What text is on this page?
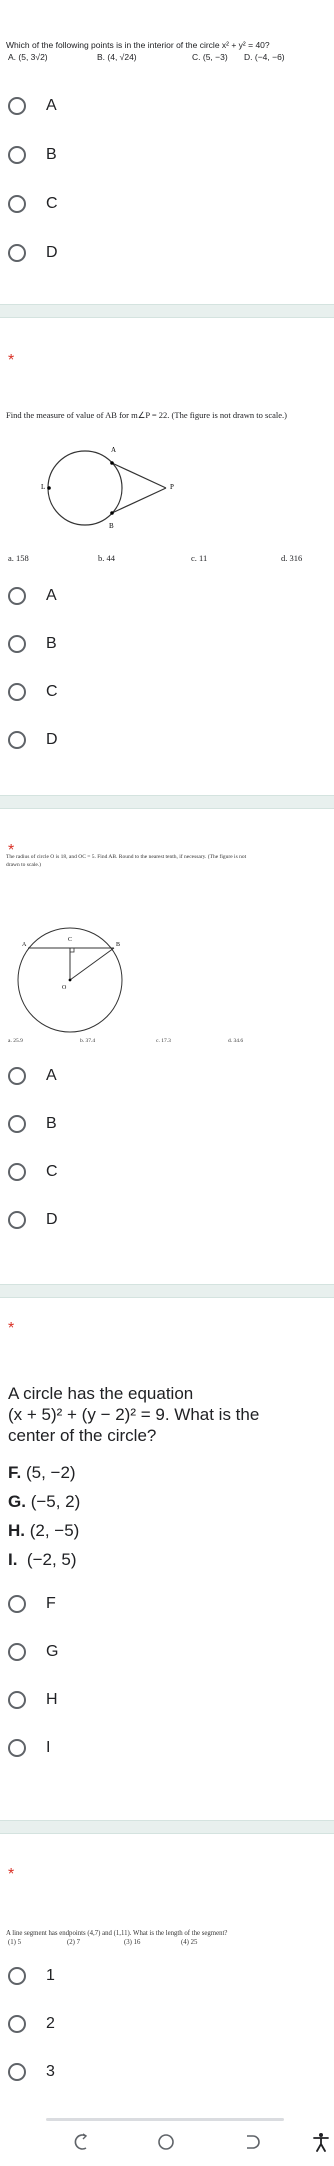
Which of the following points is in the interior of the circle x² + y² = 40?
A. (5, 3√2)	B. (4, √24)	C. (5, −3) D. (−4, −6)
A
B
C
D
*
Find the measure of value of AB for m∠P = 22. (The figure is not drawn to scale.)
A
P
L
B
a. 158	b. 44	c. 11	d. 316
A
B
C
D
*
The radius of circle O is 18, and OC = 5. Find AB. Round to the nearest tenth, if necessary. (The figure is not
drawn to scale.)
A	B
C
O
a. 25.9	b. 37.4	c. 17.3	d. 34.6
A
B
C
D
*
A circle has the equation
(x + 5)² + (y − 2)² = 9. What is the
center of the circle?
F. (5, −2)
G. (−5, 2)
H. (2, −5)
I. (−2, 5)
F
G
H
I
*
A line segment has endpoints (4,7) and (1,11). What is the length of the segment?
(1) 5	(2) 7	(3) 16	(4) 25
1
2
3
